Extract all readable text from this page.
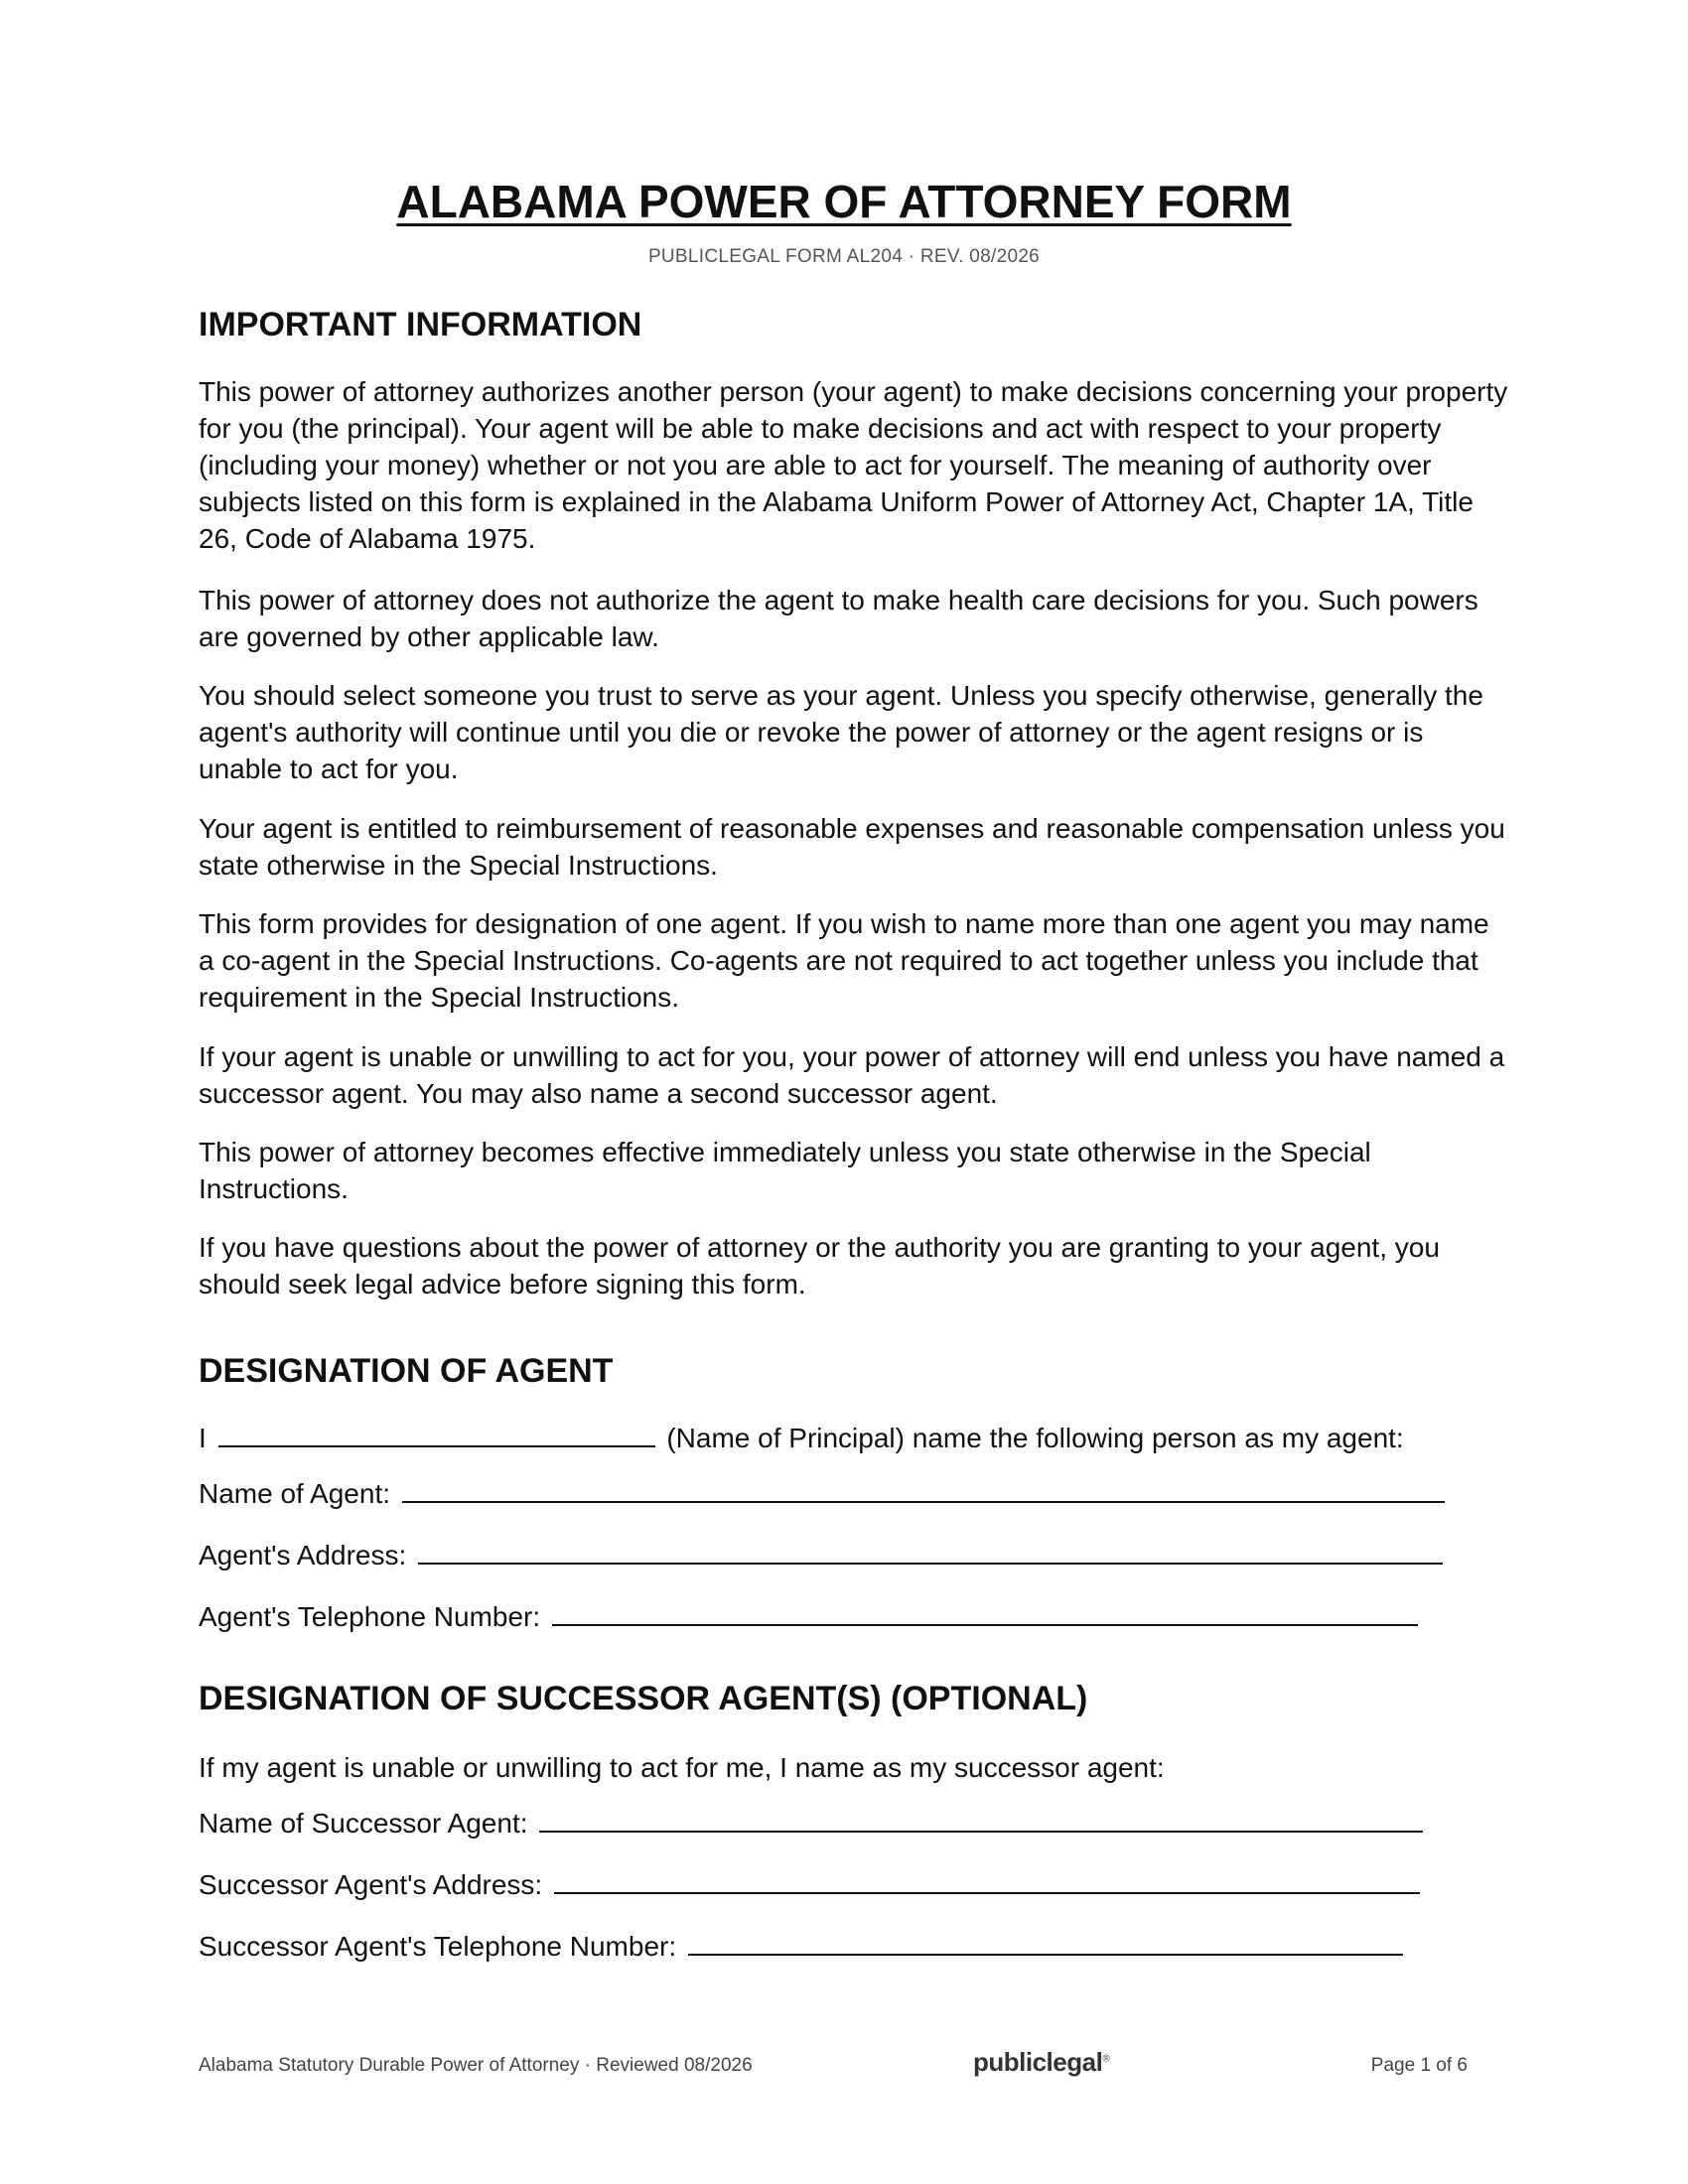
ALABAMA POWER OF ATTORNEY FORM
PUBLICLEGAL FORM AL204 · REV. 08/2026
IMPORTANT INFORMATION

This power of attorney authorizes another person (your agent) to make decisions concerning your property for you (the principal). Your agent will be able to make decisions and act with respect to your property (including your money) whether or not you are able to act for yourself. The meaning of authority over subjects listed on this form is explained in the Alabama Uniform Power of Attorney Act, Chapter 1A, Title 26, Code of Alabama 1975.

This power of attorney does not authorize the agent to make health care decisions for you. Such powers are governed by other applicable law.

You should select someone you trust to serve as your agent. Unless you specify otherwise, generally the agent's authority will continue until you die or revoke the power of attorney or the agent resigns or is unable to act for you.

Your agent is entitled to reimbursement of reasonable expenses and reasonable compensation unless you state otherwise in the Special Instructions.

This form provides for designation of one agent. If you wish to name more than one agent you may name a co-agent in the Special Instructions. Co-agents are not required to act together unless you include that requirement in the Special Instructions.

If your agent is unable or unwilling to act for you, your power of attorney will end unless you have named a successor agent. You may also name a second successor agent.

This power of attorney becomes effective immediately unless you state otherwise in the Special Instructions.

If you have questions about the power of attorney or the authority you are granting to your agent, you should seek legal advice before signing this form.

DESIGNATION OF AGENT
I	(Name of Principal) name the following person as my agent:
Name of Agent:
Agent's Address:
Agent's Telephone Number:
DESIGNATION OF SUCCESSOR AGENT(S) (OPTIONAL)

If my agent is unable or unwilling to act for me, I name as my successor agent:

Name of Successor Agent:
Successor Agent's Address:
Successor Agent's Telephone Number:
Alabama Statutory Durable Power of Attorney · Reviewed 08/2026	publiclegal®	Page 1 of 6
